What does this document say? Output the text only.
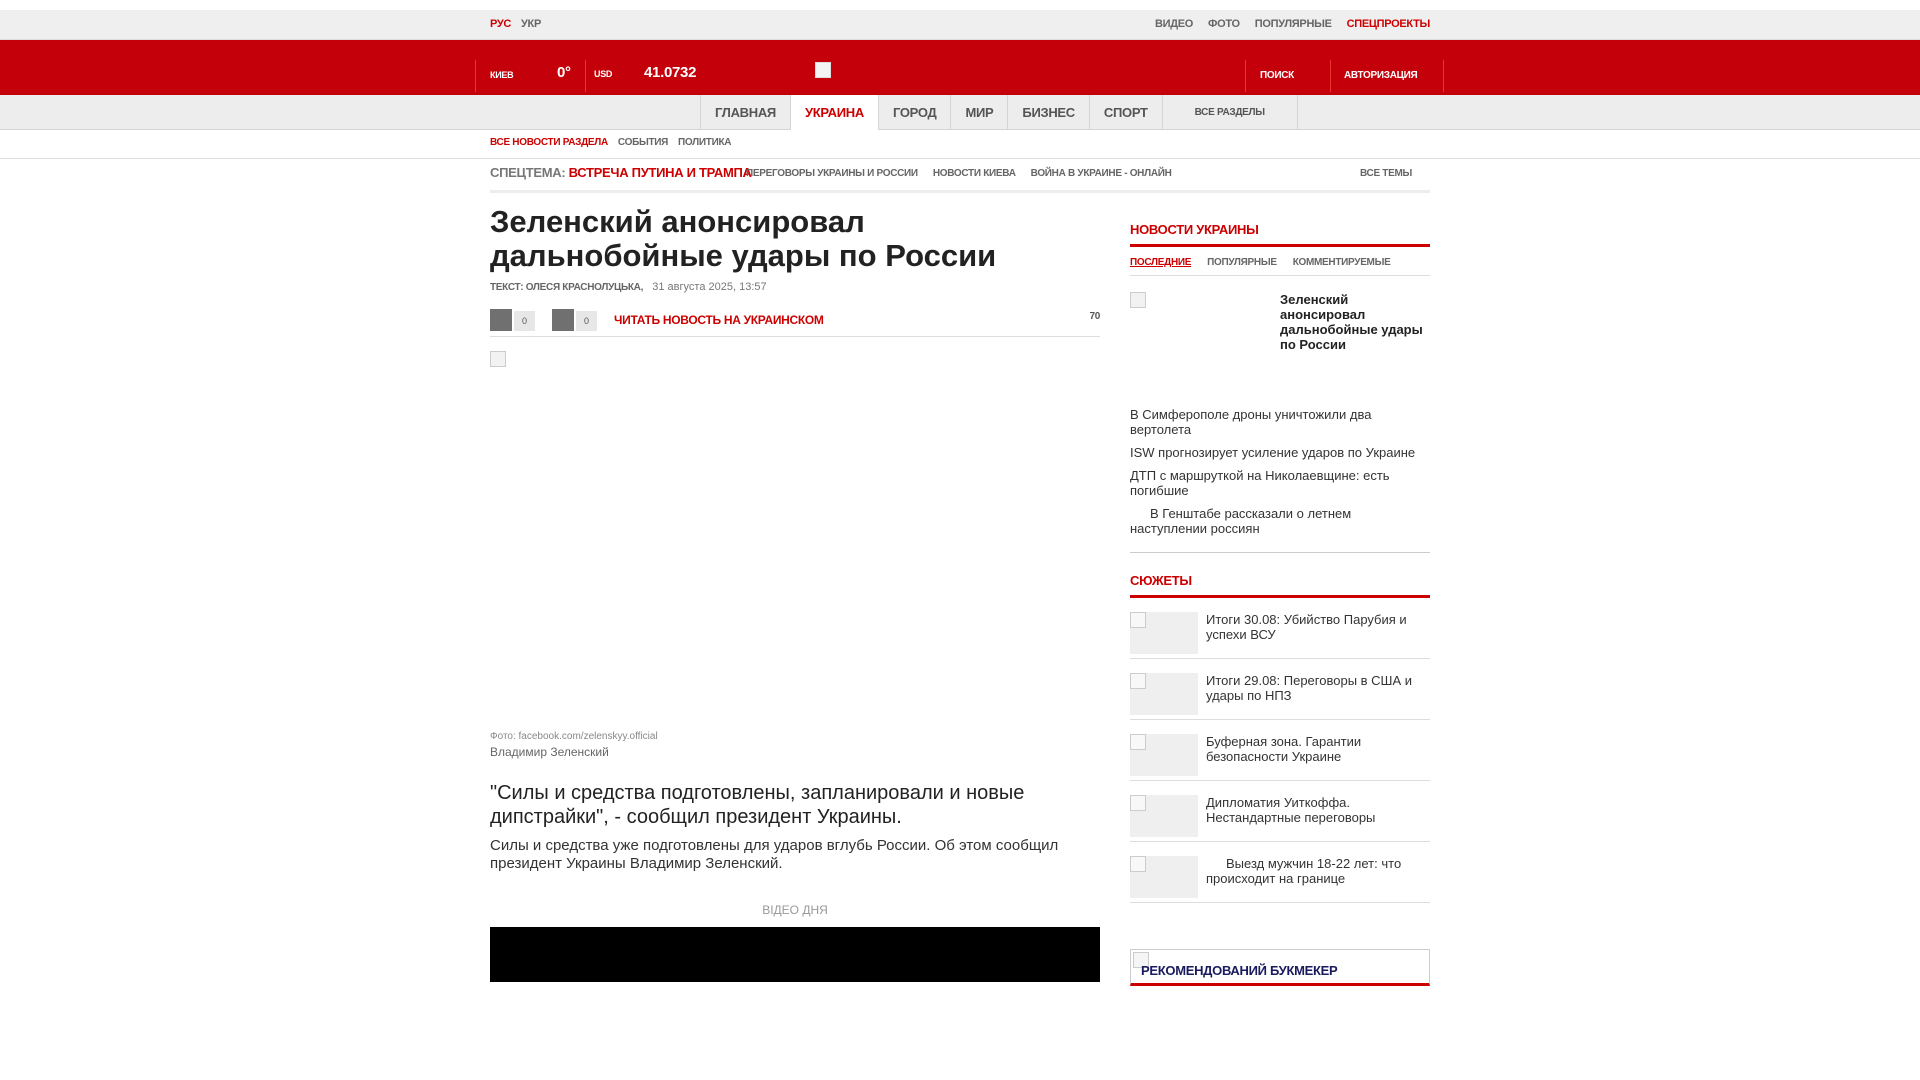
РУС УКР	ВИДЕО ФОТО ПОПУЛЯРНЫЕ СПЕЦПРОЕКТЫ
КИЕВ	0°	USD 41.0732	ПОИСК	АВТОРИЗАЦИЯ
ГЛАВНАЯ	УКРАИНА	ГОРОД	МИР	БИЗНЕС	СПОРТ	ВСЕ РАЗДЕЛЫ
ВСЕ НОВОСТИ РАЗДЕЛА СОБЫТИЯ ПОЛИТИКА
СПЕЦТЕМА: ВСТРЕЧА ПУТИНА И ТРАМПА
ПЕРЕГОВОРЫ УКРАИНЫ И РОССИИ НОВОСТИ КИЕВА ВОЙНА В УКРАИНЕ - ОНЛАЙН	ВСЕ ТЕМЫ
Зеленский анонсировал дальнобойные удары по России
ТЕКСТ: ОЛЕСЯ КРАСНОЛУЦЬКА, 31 августа 2025, 13:57
0	0	ЧИТАТЬ НОВОСТЬ НА УКРАИНСКОМ	70
Фото: facebook.com/zelenskyy.official
Владимир Зеленский

"Силы и средства подготовлены, запланировали и новые дипстрайки", - сообщил президент Украины.

Силы и средства уже подготовлены для ударов вглубь России. Об этом сообщил президент Украины Владимир Зеленский.

ВІДЕО ДНЯ
НОВОСТИ УКРАИНЫ
ПОСЛЕДНИЕ ПОПУЛЯРНЫЕ КОММЕНТИРУЕМЫЕ
Зеленский анонсировал дальнобойные удары по России
В Симферополе дроны уничтожили два вертолета
ISW прогнозирует усиление ударов по Украине
ДТП с маршруткой на Николаевщине: есть погибшие
В Генштабе рассказали о летнем наступлении россиян
СЮЖЕТЫ
Итоги 30.08: Убийство Парубия и успехи ВСУ
Итоги 29.08: Переговоры в США и удары по НПЗ
Буферная зона. Гарантии безопасности Украине
Дипломатия Уиткоффа. Нестандартные переговоры
Выезд мужчин 18-22 лет: что происходит на границе
РЕКОМЕНДОВАНИЙ БУКМЕКЕР
